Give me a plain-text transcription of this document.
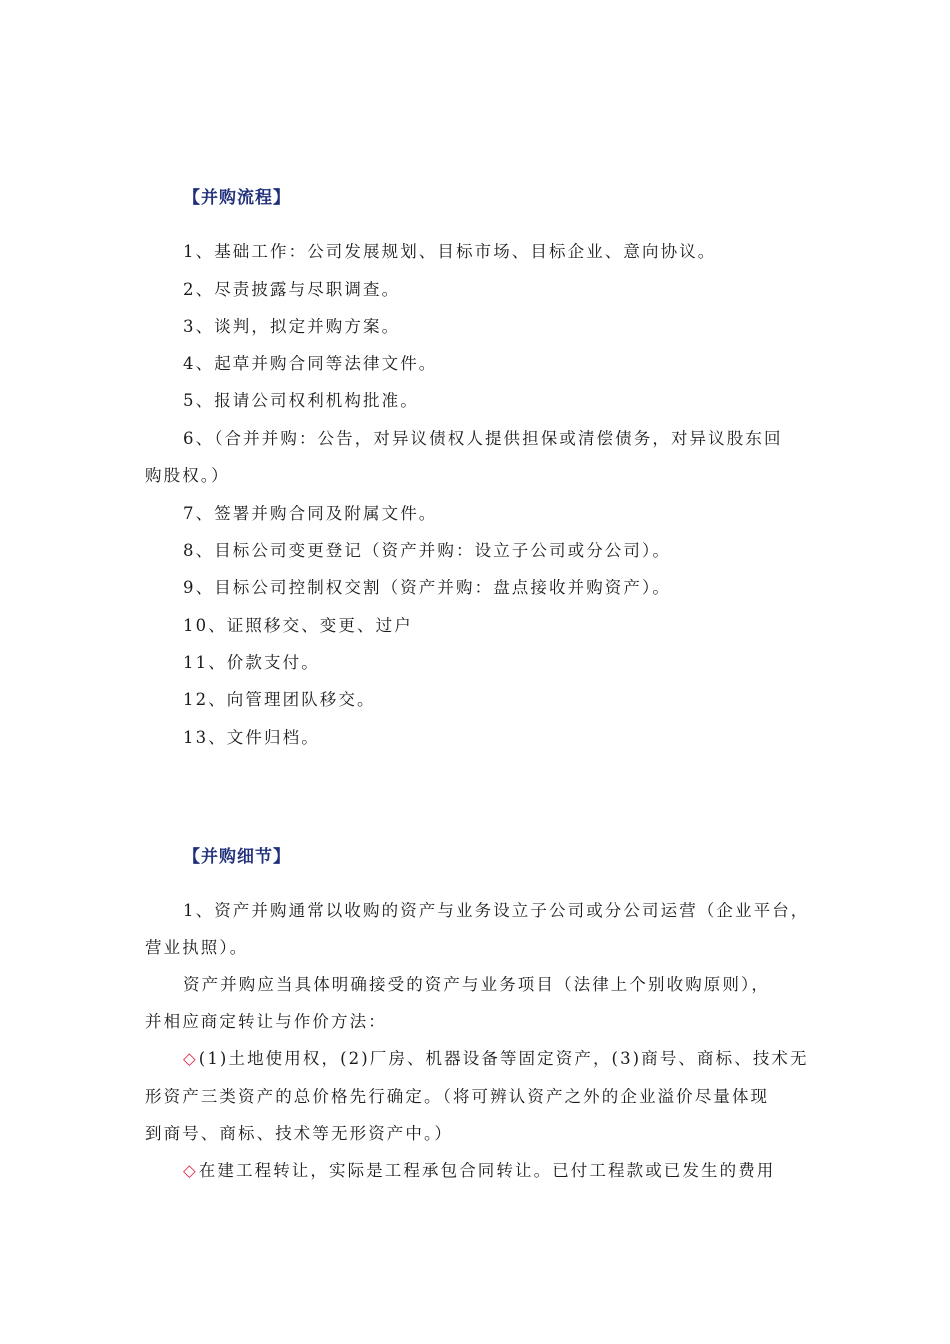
【并购流程】
1、基础工作：公司发展规划、目标市场、目标企业、意向协议。
2、尽责披露与尽职调查。
3、谈判，拟定并购方案。
4、起草并购合同等法律文件。
5、报请公司权利机构批准。
6、（合并并购：公告，对异议债权人提供担保或清偿债务，对异议股东回
购股权。）
7、签署并购合同及附属文件。
8、目标公司变更登记（资产并购：设立子公司或分公司）。
9、目标公司控制权交割（资产并购：盘点接收并购资产）。
10、证照移交、变更、过户
11、价款支付。
12、向管理团队移交。
13、文件归档。
【并购细节】
1、资产并购通常以收购的资产与业务设立子公司或分公司运营（企业平台，
营业执照）。
资产并购应当具体明确接受的资产与业务项目（法律上个别收购原则），
并相应商定转让与作价方法：
◇(1)土地使用权，(2)厂房、机器设备等固定资产，(3)商号、商标、技术无
形资产三类资产的总价格先行确定。（将可辨认资产之外的企业溢价尽量体现
到商号、商标、技术等无形资产中。）
◇在建工程转让，实际是工程承包合同转让。已付工程款或已发生的费用
